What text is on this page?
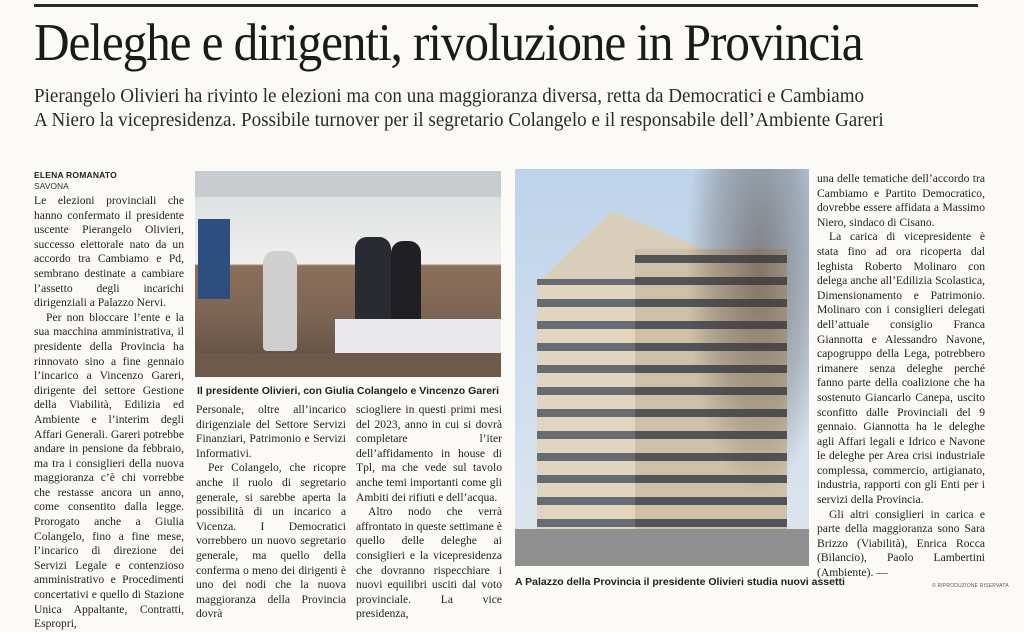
Deleghe e dirigenti, rivoluzione in Provincia
Pierangelo Olivieri ha rivinto le elezioni ma con una maggioranza diversa, retta da Democratici e Cambiamo
A Niero la vicepresidenza. Possibile turnover per il segretario Colangelo e il responsabile dell’Ambiente Gareri
ELENA ROMANATO
SAVONA

Le elezioni provinciali che hanno confermato il presidente uscente Pierangelo Olivieri, successo elettorale nato da un accordo tra Cambiamo e Pd, sembrano destinate a cambiare l’assetto degli incarichi dirigenziali a Palazzo Nervi.

Per non bloccare l’ente e la sua macchina amministrativa, il presidente della Provincia ha rinnovato sino a fine gennaio l’incarico a Vincenzo Gareri, dirigente del settore Gestione della Viabilità, Edilizia ed Ambiente e l’interim degli Affari Generali. Gareri potrebbe andare in pensione da febbraio, ma tra i consiglieri della nuova maggioranza c’è chi vorrebbe che restasse ancora un anno, come consentito dalla legge. Prorogato anche a Giulia Colangelo, fino a fine mese, l’incarico di direzione dei Servizi Legale e contenzioso amministrativo e Procedimenti concertativi e quello di Stazione Unica Appaltante, Contratti, Espropri,

Il presidente Olivieri, con Giulia Colangelo e Vincenzo Gareri

Personale, oltre all’incarico dirigenziale del Settore Servizi Finanziari, Patrimonio e Servizi Informativi.

Per Colangelo, che ricopre anche il ruolo di segretario generale, si sarebbe aperta la possibilità di un incarico a Vicenza. I Democratici vorrebbero un nuovo segretario generale, ma quello della conferma o meno dei dirigenti è uno dei nodi che la nuova maggioranza della Provincia dovrà

sciogliere in questi primi mesi del 2023, anno in cui si dovrà completare l’iter dell’affidamento in house di Tpl, ma che vede sul tavolo anche temi importanti come gli Ambiti dei rifiuti e dell’acqua.

Altro nodo che verrà affrontato in queste settimane è quello delle deleghe ai consiglieri e la vicepresidenza che dovranno rispecchiare i nuovi equilibri usciti dal voto provinciale. La vice presidenza,

A Palazzo della Provincia il presidente Olivieri studia nuovi assetti

una delle tematiche dell’accordo tra Cambiamo e Partito Democratico, dovrebbe essere affidata a Massimo Niero, sindaco di Cisano.

La carica di vicepresidente è stata fino ad ora ricoperta dal leghista Roberto Molinaro con delega anche all’Edilizia Scolastica, Dimensionamento e Patrimonio. Molinaro con i consiglieri delegati dell’attuale consiglio Franca Giannotta e Alessandro Navone, capogruppo della Lega, potrebbero rimanere senza deleghe perché fanno parte della coalizione che ha sostenuto Giancarlo Canepa, uscito sconfitto dalle Provinciali del 9 gennaio. Giannotta ha le deleghe agli Affari legali e Idrico e Navone le deleghe per Area crisi industriale complessa, commercio, artigianato, industria, rapporti con gli Enti per i servizi della Provincia.

Gli altri consiglieri in carica e parte della maggioranza sono Sara Brizzo (Viabilità), Enrica Rocca (Bilancio), Paolo Lambertini (Ambiente). —

© RIPRODUZIONE RISERVATA
